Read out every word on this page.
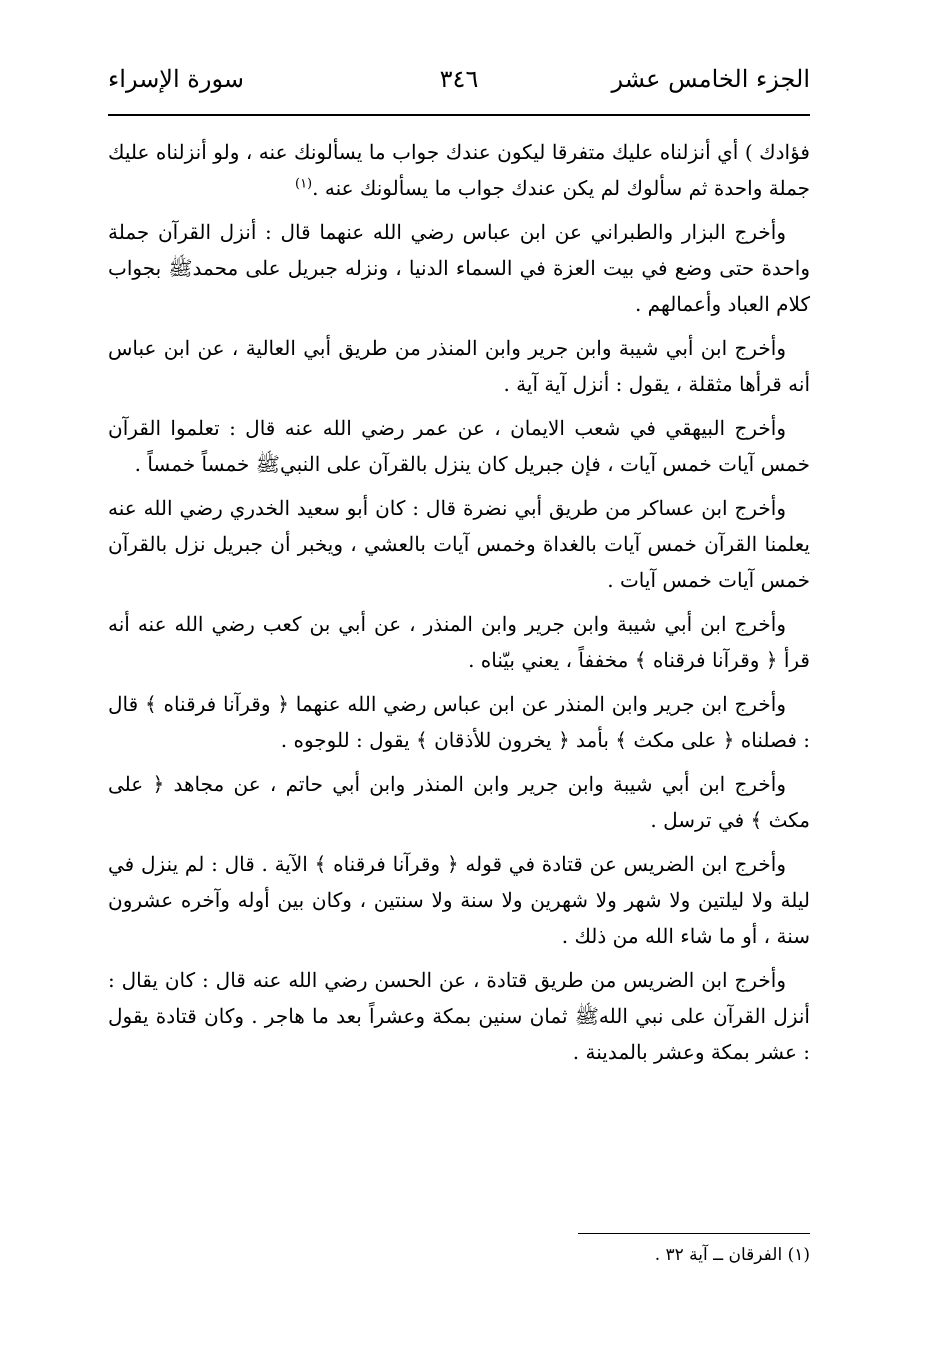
الجزء الخامس عشر
٣٤٦
سورة الإسراء

فؤادك ) أي أنزلناه عليك متفرقا ليكون عندك جواب ما يسألونك عنه ، ولو أنزلناه عليك جملة واحدة ثم سألوك لم يكن عندك جواب ما يسألونك عنه .$^{(١)}$

وأخرج البزار والطبراني عن ابن عباس رضي الله عنهما قال : أنزل القرآن جملة واحدة حتى وضع في بيت العزة في السماء الدنيا ، ونزله جبريل على محمدﷺ بجواب كلام العباد وأعمالهم .

وأخرج ابن أبي شيبة وابن جرير وابن المنذر من طريق أبي العالية ، عن ابن عباس أنه قرأها مثقلة ، يقول : أنزل آية آية .

وأخرج البيهقي في شعب الايمان ، عن عمر رضي الله عنه قال : تعلموا القرآن خمس آيات خمس آيات ، فإن جبريل كان ينزل بالقرآن على النبيﷺ خمساً خمساً .

وأخرج ابن عساكر من طريق أبي نضرة قال : كان أبو سعيد الخدري رضي الله عنه يعلمنا القرآن خمس آيات بالغداة وخمس آيات بالعشي ، ويخبر أن جبريل نزل بالقرآن خمس آيات خمس آيات .

وأخرج ابن أبي شيبة وابن جرير وابن المنذر ، عن أبي بن كعب رضي الله عنه أنه قرأ ﴿ وقرآنا فرقناه ﴾ مخففاً ، يعني بيّناه .

وأخرج ابن جرير وابن المنذر عن ابن عباس رضي الله عنهما ﴿ وقرآنا فرقناه ﴾ قال : فصلناه ﴿ على مكث ﴾ بأمد ﴿ يخرون للأذقان ﴾ يقول : للوجوه .

وأخرج ابن أبي شيبة وابن جرير وابن المنذر وابن أبي حاتم ، عن مجاهد ﴿ على مكث ﴾ في ترسل .

وأخرج ابن الضريس عن قتادة في قوله ﴿ وقرآنا فرقناه ﴾ الآية . قال : لم ينزل في ليلة ولا ليلتين ولا شهر ولا شهرين ولا سنة ولا سنتين ، وكان بين أوله وآخره عشرون سنة ، أو ما شاء الله من ذلك .

وأخرج ابن الضريس من طريق قتادة ، عن الحسن رضي الله عنه قال : كان يقال : أنزل القرآن على نبي اللهﷺ ثمان سنين بمكة وعشراً بعد ما هاجر . وكان قتادة يقول : عشر بمكة وعشر بالمدينة .

(١) الفرقان ــ آية ٣٢ .
